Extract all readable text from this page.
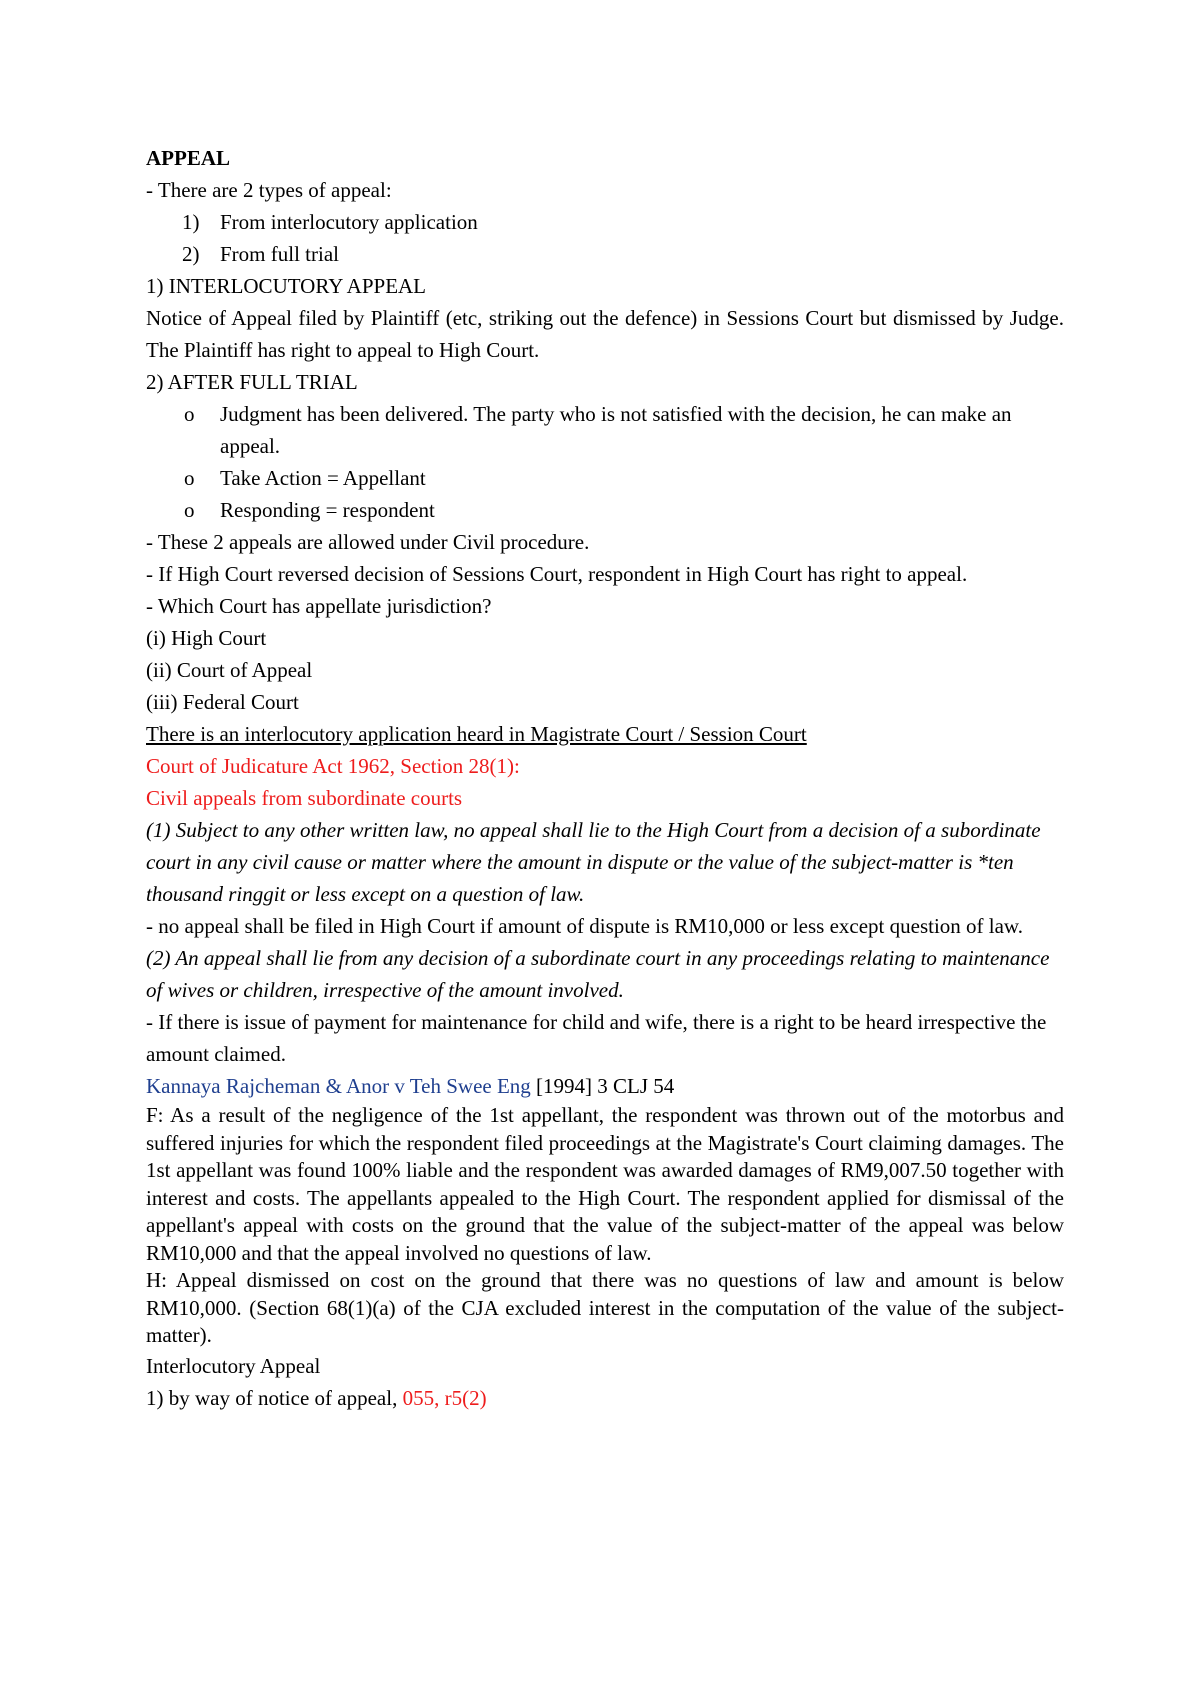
APPEAL

- There are 2 types of appeal:

1) From interlocutory application
2) From full trial

1) INTERLOCUTORY APPEAL

Notice of Appeal filed by Plaintiff (etc, striking out the defence) in Sessions Court but dismissed by Judge. The Plaintiff has right to appeal to High Court.

2) AFTER FULL TRIAL

o	Judgment has been delivered. The party who is not satisfied with the decision, he can make an appeal.
o	Take Action = Appellant
o	Responding = respondent

- These 2 appeals are allowed under Civil procedure.

- If High Court reversed decision of Sessions Court, respondent in High Court has right to appeal.

- Which Court has appellate jurisdiction?

(i) High Court

(ii) Court of Appeal

(iii) Federal Court

There is an interlocutory application heard in Magistrate Court / Session Court

Court of Judicature Act 1962, Section 28(1):

Civil appeals from subordinate courts

(1) Subject to any other written law, no appeal shall lie to the High Court from a decision of a subordinate court in any civil cause or matter where the amount in dispute or the value of the subject-matter is *ten thousand ringgit or less except on a question of law.

- no appeal shall be filed in High Court if amount of dispute is RM10,000 or less except question of law.

(2) An appeal shall lie from any decision of a subordinate court in any proceedings relating to maintenance of wives or children, irrespective of the amount involved.

- If there is issue of payment for maintenance for child and wife, there is a right to be heard irrespective the amount claimed.

Kannaya Rajcheman & Anor v Teh Swee Eng [1994] 3 CLJ 54

F: As a result of the negligence of the 1st appellant, the respondent was thrown out of the motorbus and suffered injuries for which the respondent filed proceedings at the Magistrate's Court claiming damages. The 1st appellant was found 100% liable and the respondent was awarded damages of RM9,007.50 together with interest and costs. The appellants appealed to the High Court. The respondent applied for dismissal of the appellant's appeal with costs on the ground that the value of the subject-matter of the appeal was below RM10,000 and that the appeal involved no questions of law.

H: Appeal dismissed on cost on the ground that there was no questions of law and amount is below RM10,000. (Section 68(1)(a) of the CJA excluded interest in the computation of the value of the subject-matter).

Interlocutory Appeal

1) by way of notice of appeal, 055, r5(2)
